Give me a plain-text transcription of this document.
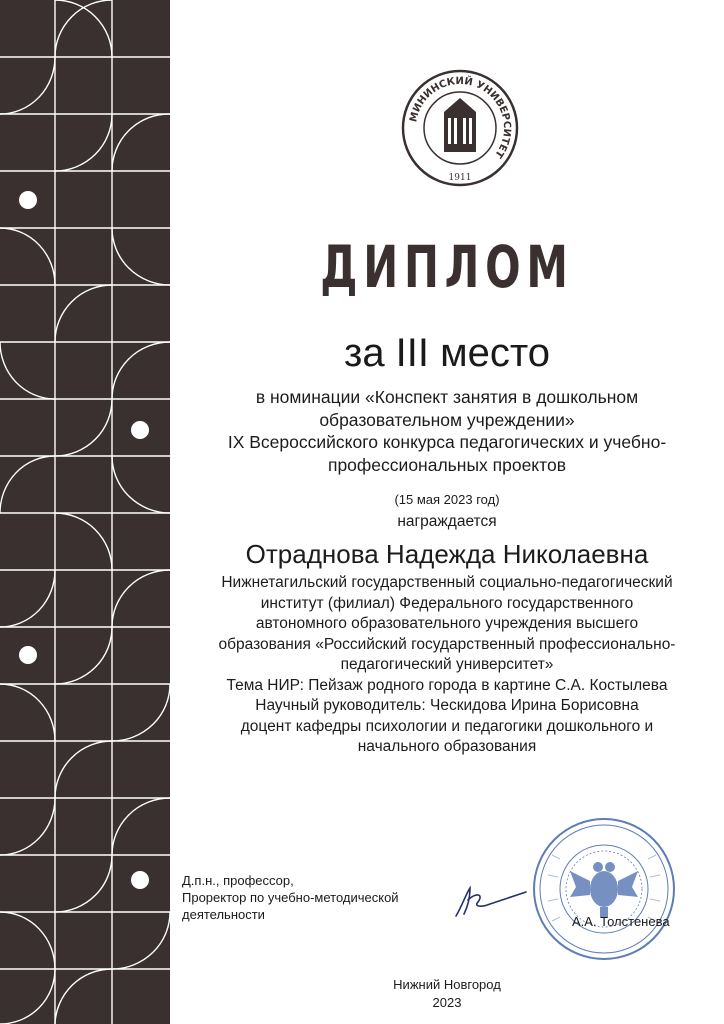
МИНИНСКИЙ УНИВЕРСИТЕТ
1911
ДИПЛОМ
за III место
в номинации «Конспект занятия в дошкольном
образовательном учреждении»
IX Всероссийского конкурса педагогических и учебно-
профессиональных проектов
(15 мая 2023 год)
награждается
Отраднова Надежда Николаевна
Нижнетагильский государственный социально-педагогический
институт (филиал) Федерального государственного
автономного образовательного учреждения высшего
образования «Российский государственный профессионально-
педагогический университет»
Тема НИР: Пейзаж родного города в картине С.А. Костылева
Научный руководитель: Ческидова Ирина Борисовна
доцент кафедры психологии и педагогики дошкольного и
начального образования
Д.п.н., профессор,
Проректор по учебно-методической
деятельности	А.А. Толстенева
Нижний Новгород
2023
